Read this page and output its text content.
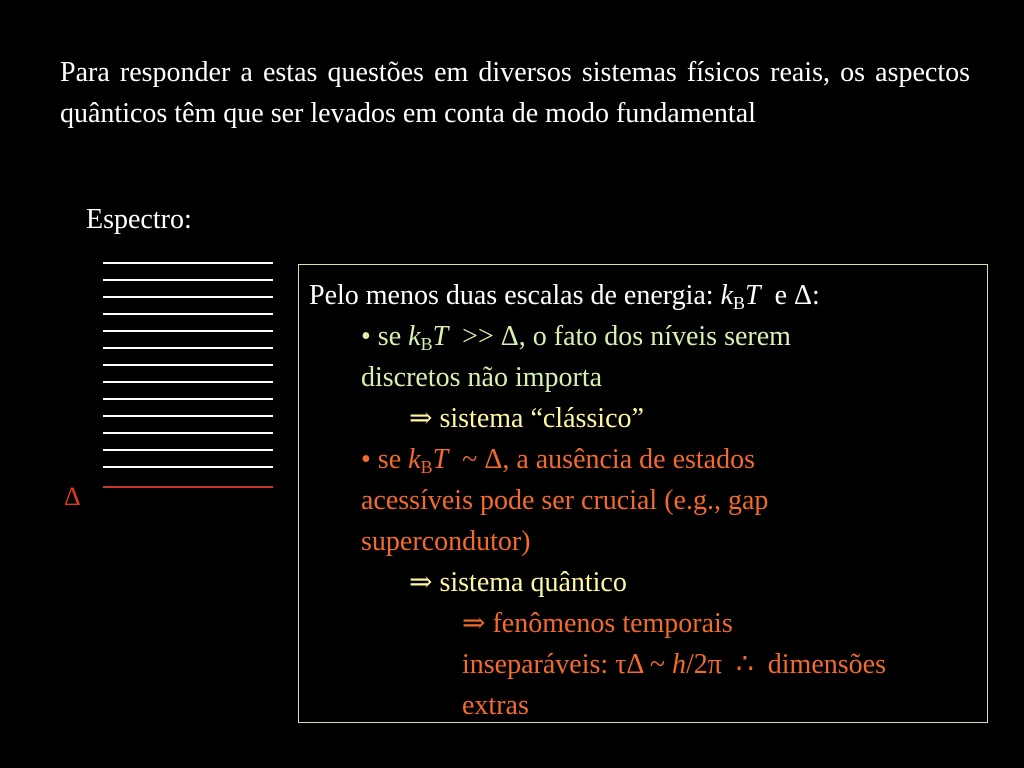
Para responder a estas questões em diversos sistemas físicos reais, os aspectos quânticos têm que ser levados em conta de modo fundamental
Espectro:
Δ
Pelo menos duas escalas de energia: $k_BT$  e Δ:
• se $k_BT >> \Delta$, o fato dos níveis serem
discretos não importa
⇒ sistema “clássico”
• se $k_BT$  ~ Δ, a ausência de estados
acessíveis pode ser crucial (e.g., gap
supercondutor)
⇒ sistema quântico
⇒ fenômenos temporais
inseparáveis: τΔ ~ h/2π  ∴  dimensões
extras
